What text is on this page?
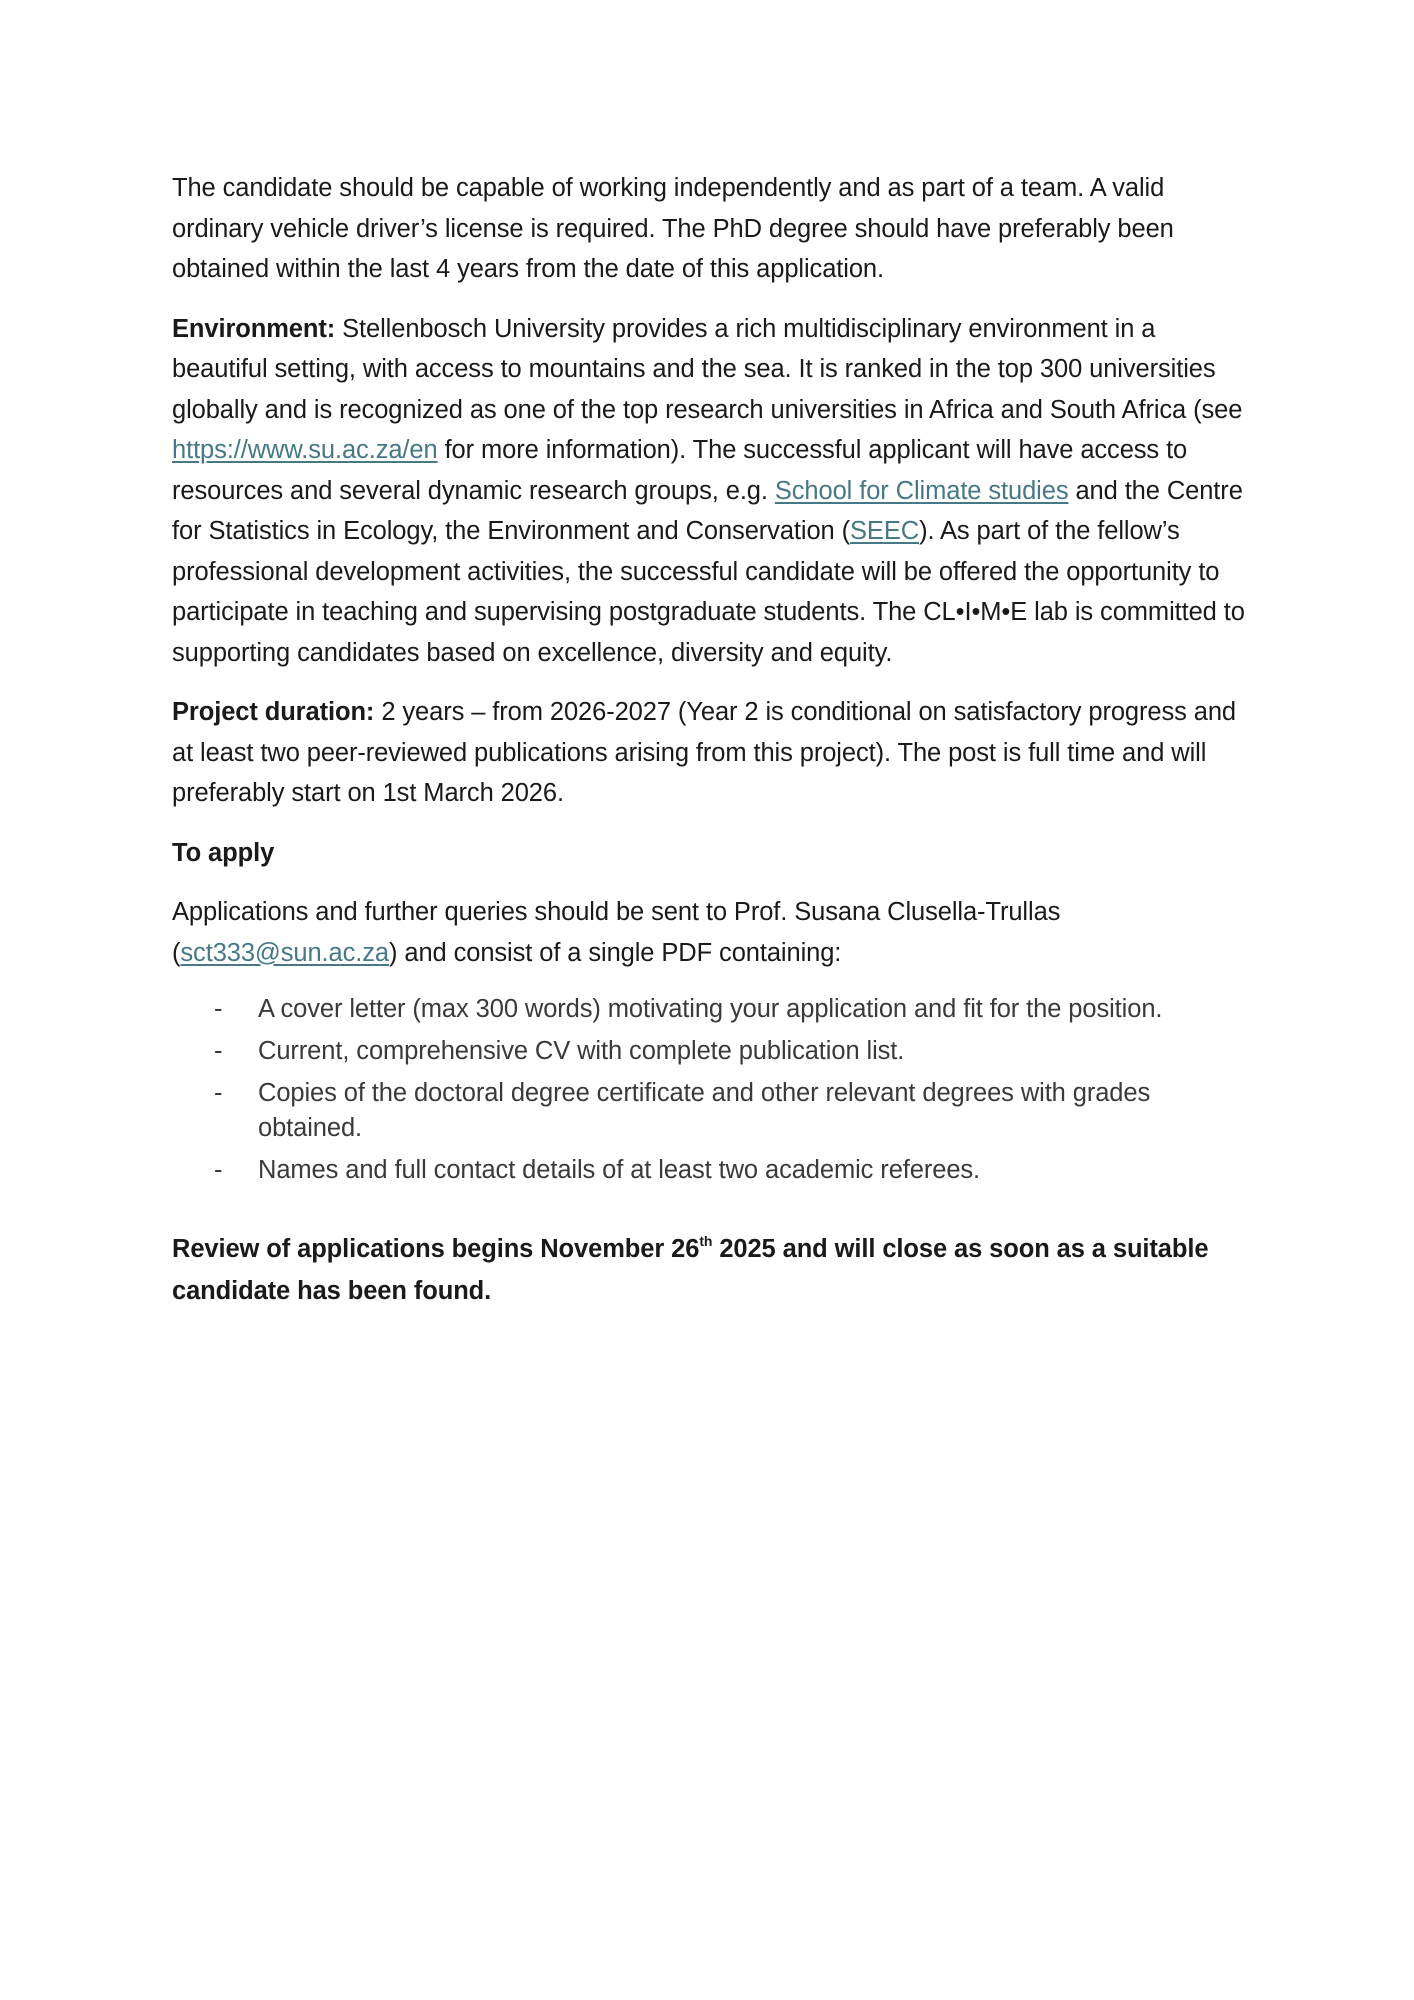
The candidate should be capable of working independently and as part of a team. A valid ordinary vehicle driver’s license is required. The PhD degree should have preferably been obtained within the last 4 years from the date of this application.

Environment: Stellenbosch University provides a rich multidisciplinary environment in a beautiful setting, with access to mountains and the sea. It is ranked in the top 300 universities globally and is recognized as one of the top research universities in Africa and South Africa (see https://www.su.ac.za/en for more information). The successful applicant will have access to resources and several dynamic research groups, e.g. School for Climate studies and the Centre for Statistics in Ecology, the Environment and Conservation (SEEC). As part of the fellow’s professional development activities, the successful candidate will be offered the opportunity to participate in teaching and supervising postgraduate students. The CL•I•M•E lab is committed to supporting candidates based on excellence, diversity and equity.

Project duration: 2 years – from 2026-2027 (Year 2 is conditional on satisfactory progress and at least two peer-reviewed publications arising from this project). The post is full time and will preferably start on 1st March 2026.

To apply

Applications and further queries should be sent to Prof. Susana Clusella-Trullas (sct333@sun.ac.za) and consist of a single PDF containing:

- A cover letter (max 300 words) motivating your application and fit for the position.
- Current, comprehensive CV with complete publication list.
- Copies of the doctoral degree certificate and other relevant degrees with grades obtained.
- Names and full contact details of at least two academic referees.

Review of applications begins November 26th 2025 and will close as soon as a suitable candidate has been found.
